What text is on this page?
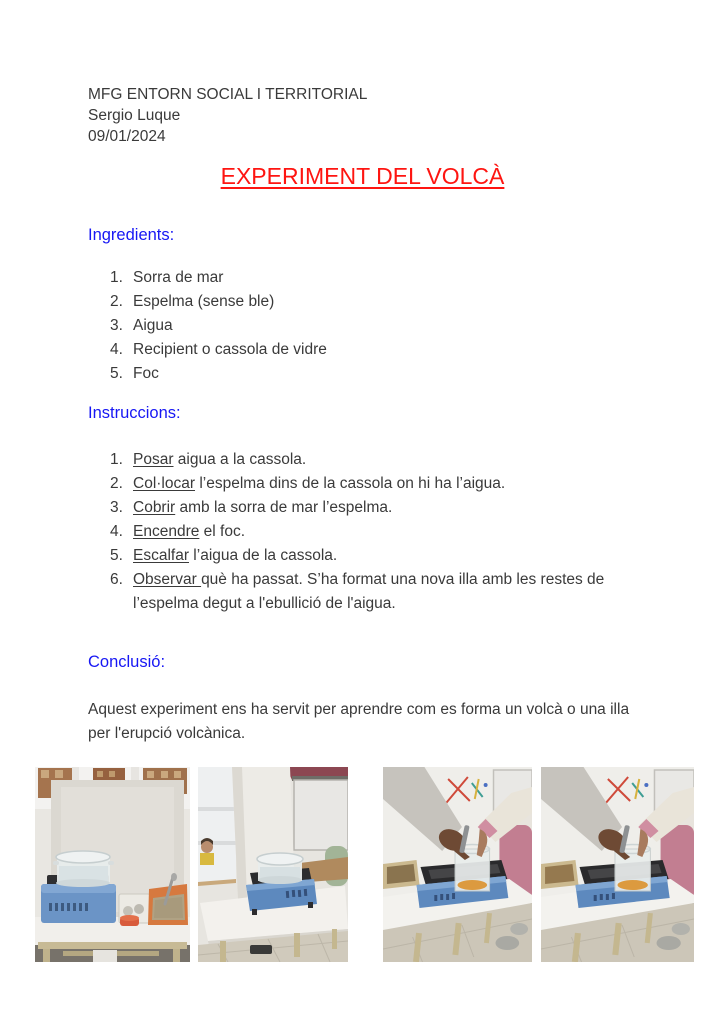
MFG ENTORN SOCIAL I TERRITORIAL
Sergio Luque
09/01/2024
EXPERIMENT DEL VOLCÀ
Ingredients:
1. Sorra de mar
2. Espelma (sense ble)
3. Aigua
4. Recipient o cassola de vidre
5. Foc
Instruccions:
1. Posar aigua a la cassola.
2. Col·locar l’espelma dins de la cassola on hi ha l’aigua.
3. Cobrir amb la sorra de mar l’espelma.
4. Encendre el foc.
5. Escalfar l’aigua de la cassola.
6. Observar què ha passat. S’ha format una nova illa amb les restes de l’espelma degut a l'ebullició de l'aigua.
Conclusió:

Aquest experiment ens ha servit per aprendre com es forma un volcà o una illa per l'erupció volcànica.
